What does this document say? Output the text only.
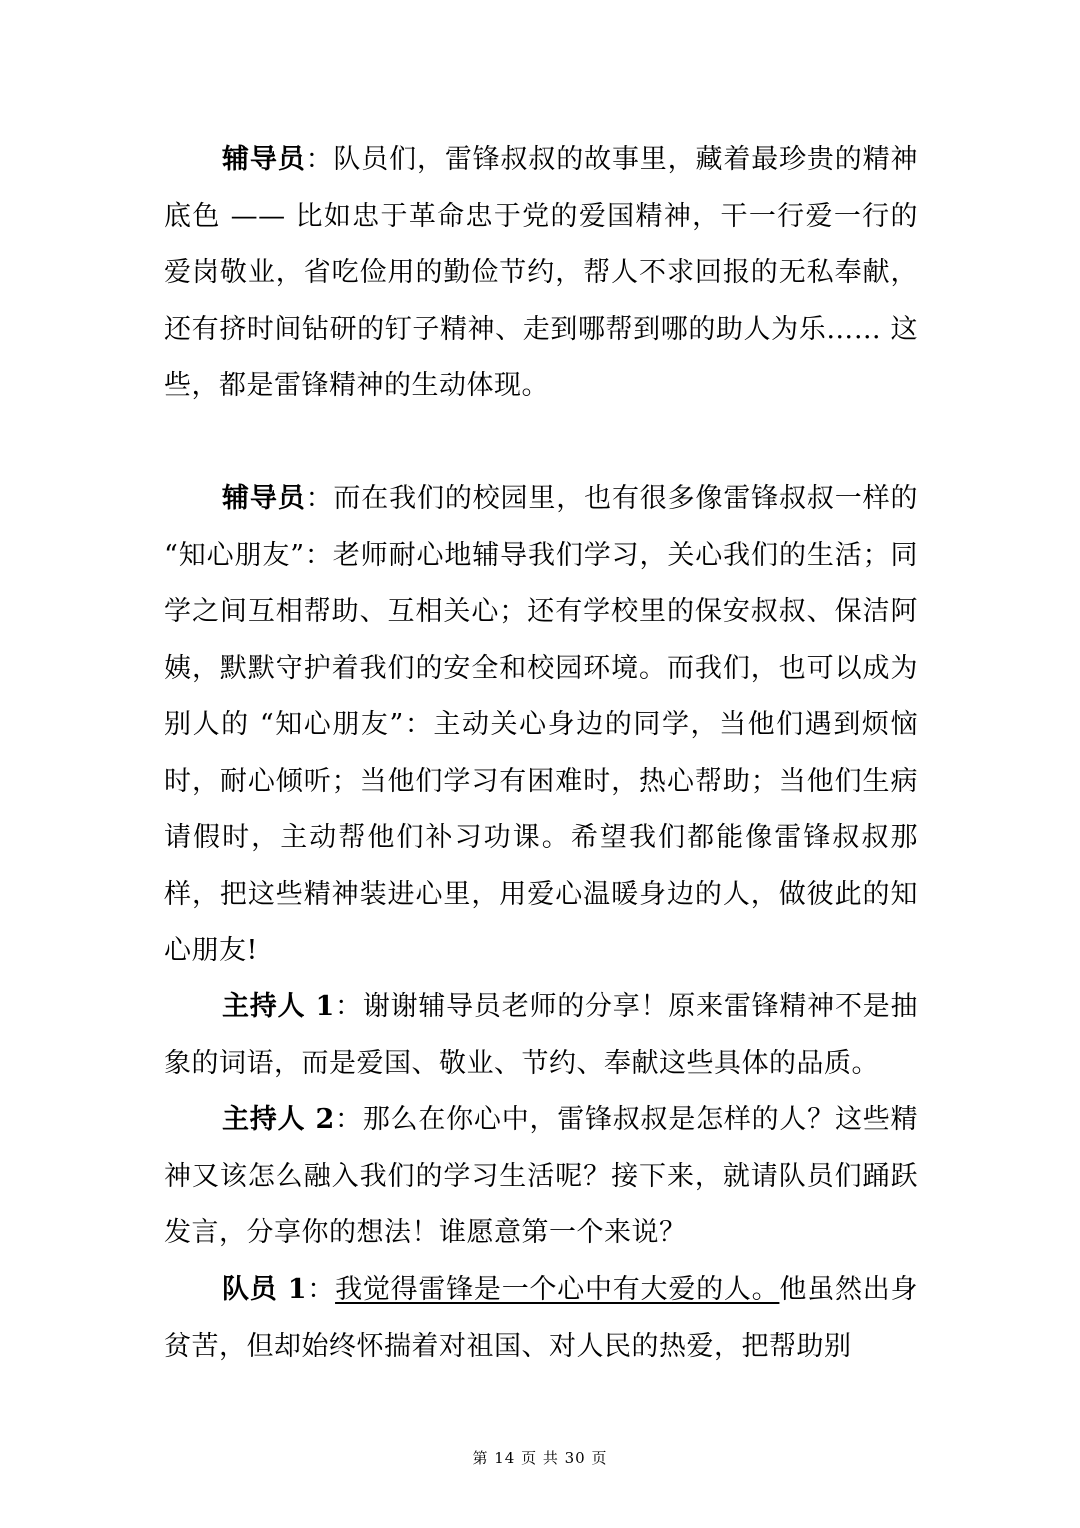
辅导员：队员们，雷锋叔叔的故事里，藏着最珍贵的精神底色 —— 比如忠于革命忠于党的爱国精神，干一行爱一行的爱岗敬业，省吃俭用的勤俭节约，帮人不求回报的无私奉献，还有挤时间钻研的钉子精神、走到哪帮到哪的助人为乐…… 这些，都是雷锋精神的生动体现。

辅导员：而在我们的校园里，也有很多像雷锋叔叔一样的 “知心朋友”：老师耐心地辅导我们学习，关心我们的生活；同学之间互相帮助、互相关心；还有学校里的保安叔叔、保洁阿姨，默默守护着我们的安全和校园环境。而我们，也可以成为别人的 “知心朋友”：主动关心身边的同学，当他们遇到烦恼时，耐心倾听；当他们学习有困难时，热心帮助；当他们生病请假时，主动帮他们补习功课。希望我们都能像雷锋叔叔那样，把这些精神装进心里，用爱心温暖身边的人，做彼此的知心朋友!

主持人 1：谢谢辅导员老师的分享！原来雷锋精神不是抽象的词语，而是爱国、敬业、节约、奉献这些具体的品质。

主持人 2：那么在你心中，雷锋叔叔是怎样的人？这些精神又该怎么融入我们的学习生活呢？接下来，就请队员们踊跃发言，分享你的想法！谁愿意第一个来说？

队员 1：我觉得雷锋是一个心中有大爱的人。他虽然出身贫苦，但却始终怀揣着对祖国、对人民的热爱，把帮助别

第 14 页 共 30 页
